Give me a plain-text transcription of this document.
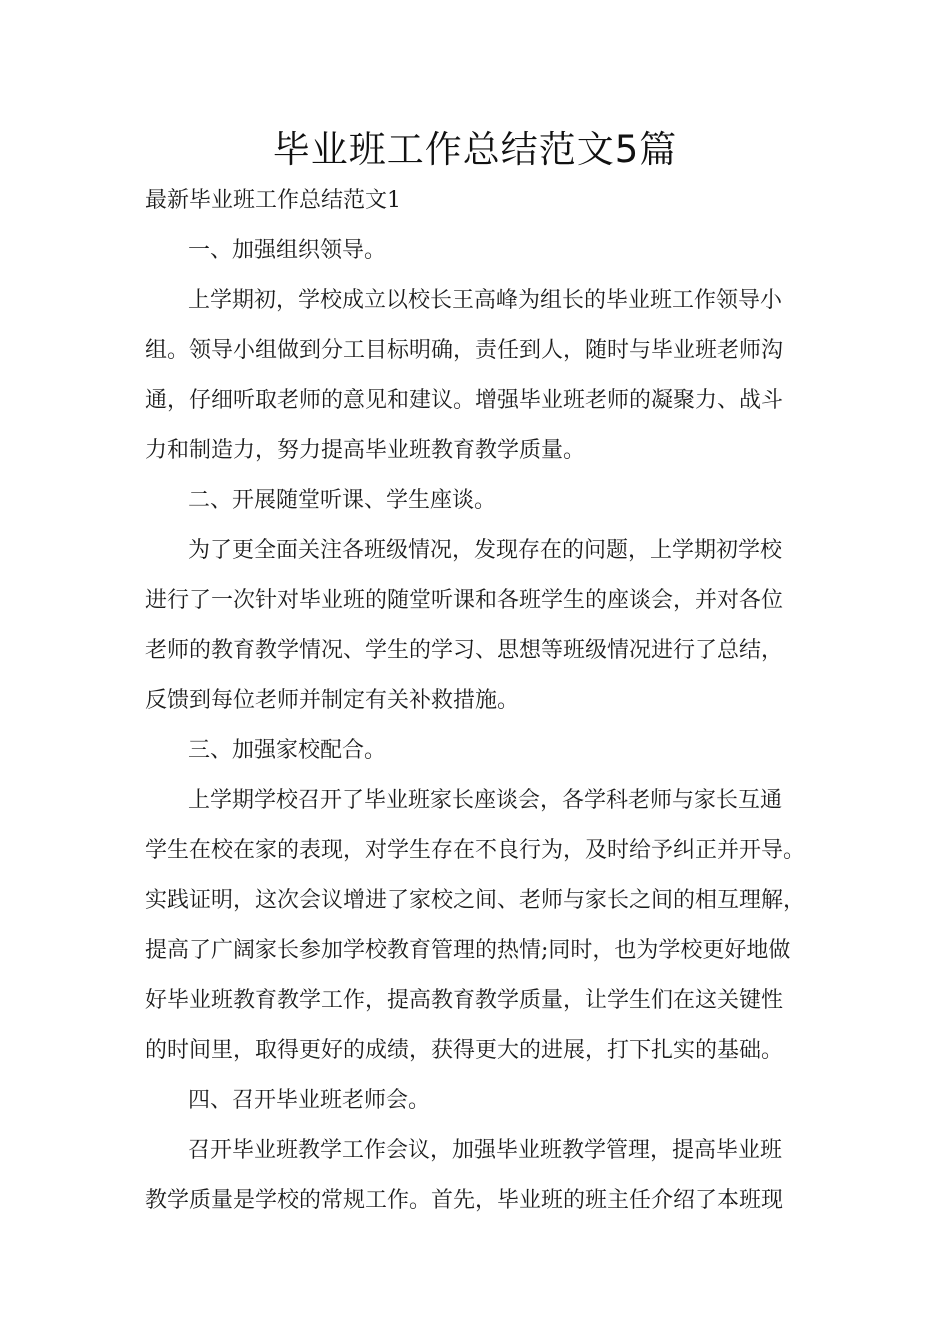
毕业班工作总结范文5篇

最新毕业班工作总结范文1

一、加强组织领导。

上学期初，学校成立以校长王高峰为组长的毕业班工作领导小

组。领导小组做到分工目标明确，责任到人，随时与毕业班老师沟

通，仔细听取老师的意见和建议。增强毕业班老师的凝聚力、战斗

力和制造力，努力提高毕业班教育教学质量。

二、开展随堂听课、学生座谈。

为了更全面关注各班级情况，发现存在的问题，上学期初学校

进行了一次针对毕业班的随堂听课和各班学生的座谈会，并对各位

老师的教育教学情况、学生的学习、思想等班级情况进行了总结，

反馈到每位老师并制定有关补救措施。

三、加强家校配合。

上学期学校召开了毕业班家长座谈会，各学科老师与家长互通

学生在校在家的表现，对学生存在不良行为，及时给予纠正并开导。

实践证明，这次会议增进了家校之间、老师与家长之间的相互理解，

提高了广阔家长参加学校教育管理的热情;同时，也为学校更好地做

好毕业班教育教学工作，提高教育教学质量，让学生们在这关键性

的时间里，取得更好的成绩，获得更大的进展，打下扎实的基础。

四、召开毕业班老师会。

召开毕业班教学工作会议，加强毕业班教学管理，提高毕业班

教学质量是学校的常规工作。首先，毕业班的班主任介绍了本班现
